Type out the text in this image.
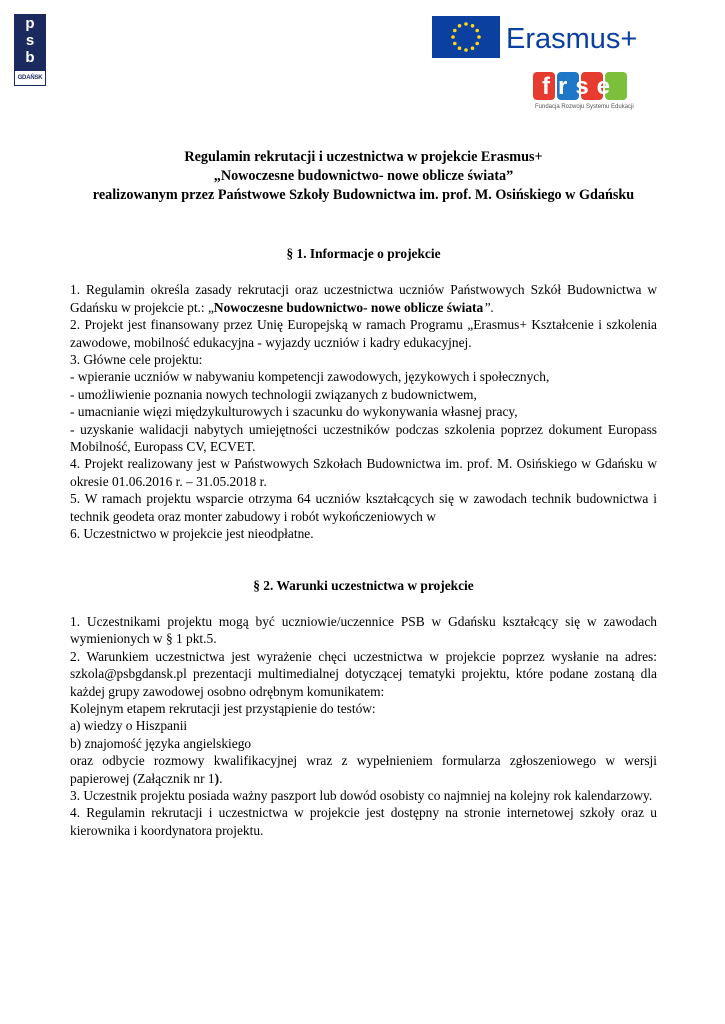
p
s
b
GDAŃSK
Erasmus+
frse
Fundacja Rozwoju Systemu Edukacji
Regulamin rekrutacji i uczestnictwa w projekcie Erasmus+
„Nowoczesne budownictwo- nowe oblicze świata”
realizowanym przez Państwowe Szkoły Budownictwa im. prof. M. Osińskiego w Gdańsku
§ 1. Informacje o projekcie

1. Regulamin określa zasady rekrutacji oraz uczestnictwa uczniów Państwowych Szkół Budownictwa w Gdańsku w projekcie pt.: „Nowoczesne budownictwo- nowe oblicze świata”.

2. Projekt jest finansowany przez Unię Europejską w ramach Programu „Erasmus+ Kształcenie i szkolenia zawodowe, mobilność edukacyjna - wyjazdy uczniów i kadry edukacyjnej.

3. Główne cele projektu:

- wpieranie uczniów w nabywaniu kompetencji zawodowych, językowych i społecznych,

- umożliwienie poznania nowych technologii związanych z budownictwem,

- umacnianie więzi międzykulturowych i szacunku do wykonywania własnej pracy,

- uzyskanie walidacji nabytych umiejętności uczestników podczas szkolenia poprzez dokument Europass Mobilność, Europass CV, ECVET.

4. Projekt realizowany jest w Państwowych Szkołach Budownictwa im. prof. M. Osińskiego w Gdańsku w okresie 01.06.2016 r. – 31.05.2018 r.

5. W ramach projektu wsparcie otrzyma 64 uczniów kształcących się w zawodach technik budownictwa i technik geodeta oraz monter zabudowy i robót wykończeniowych w

6. Uczestnictwo w projekcie jest nieodpłatne.

§ 2. Warunki uczestnictwa w projekcie

1. Uczestnikami projektu mogą być uczniowie/uczennice PSB w Gdańsku kształcący się w zawodach wymienionych w § 1 pkt.5.

2. Warunkiem uczestnictwa jest wyrażenie chęci uczestnictwa w projekcie poprzez wysłanie na adres: szkola@psbgdansk.pl prezentacji multimedialnej dotyczącej tematyki projektu, które podane zostaną dla każdej grupy zawodowej osobno odrębnym komunikatem:

Kolejnym etapem rekrutacji jest przystąpienie do testów:

a) wiedzy o Hiszpanii

b) znajomość języka angielskiego

oraz odbycie rozmowy kwalifikacyjnej wraz z wypełnieniem formularza zgłoszeniowego w wersji papierowej (Załącznik nr 1).

3. Uczestnik projektu posiada ważny paszport lub dowód osobisty co najmniej na kolejny rok kalendarzowy.

4. Regulamin rekrutacji i uczestnictwa w projekcie jest dostępny na stronie internetowej szkoły oraz u kierownika i koordynatora projektu.
